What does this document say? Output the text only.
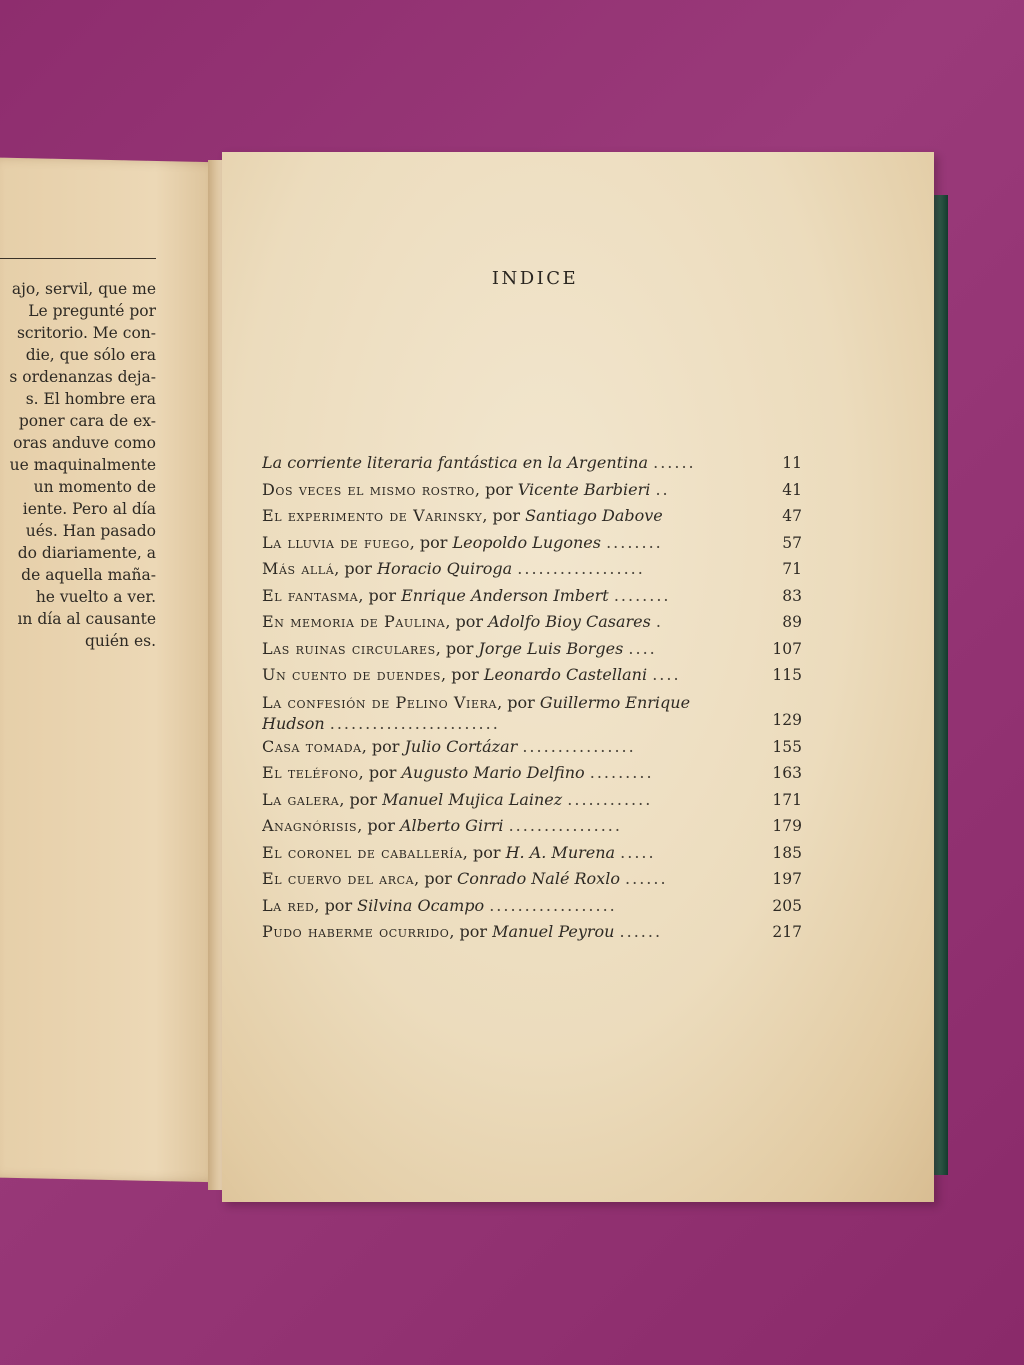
ajo, servil, que me
Le pregunté por
scritorio. Me con-
die, que sólo era
s ordenanzas deja-
s. El hombre era
poner cara de ex-
oras anduve como
ue maquinalmente
un momento de
iente. Pero al día
ués. Han pasado
do diariamente, a
de aquella maña-
he vuelto a ver.
ın día al causante
quién es.
INDICE
La corriente literaria fantástica en la Argentina ......	11
Dos veces el mismo rostro, por Vicente Barbieri ..	41
El experimento de Varinsky, por Santiago Dabove	47
La lluvia de fuego, por Leopoldo Lugones ........	57
Más allá, por Horacio Quiroga ..................	71
El fantasma, por Enrique Anderson Imbert ........	83
En memoria de Paulina, por Adolfo Bioy Casares .	89
Las ruinas circulares, por Jorge Luis Borges ....	107
Un cuento de duendes, por Leonardo Castellani ....	115
La confesión de Pelino Viera, por Guillermo Enrique Hudson ........................	129
Casa tomada, por Julio Cortázar ................	155
El teléfono, por Augusto Mario Delfino .........	163
La galera, por Manuel Mujica Lainez ............	171
Anagnórisis, por Alberto Girri ................	179
El coronel de caballería, por H. A. Murena .....	185
El cuervo del arca, por Conrado Nalé Roxlo ......	197
La red, por Silvina Ocampo ..................	205
Pudo haberme ocurrido, por Manuel Peyrou ......	217
